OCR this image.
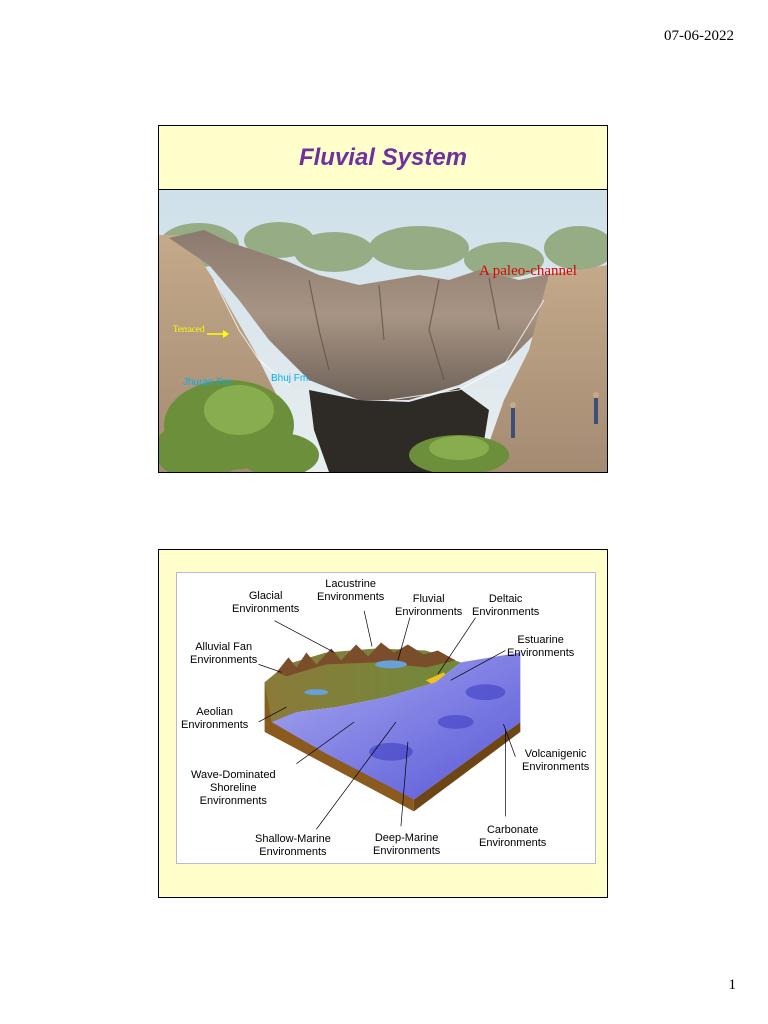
07-06-2022
Fluvial System
A paleo-channel
Terraced
Jhuran Fm.	Bhuj Fm.
Glacial
Environments
Lacustrine
Environments	Fluvial
Environments
Deltaic
Environments
Estuarine
Environments
Alluvial Fan
Environments
Aeolian
Environments
Wave-Dominated
Shoreline
Environments
Volcanigenic
Environments
Shallow-Marine
Environments
Deep-Marine
Environments
Carbonate
Environments
1
